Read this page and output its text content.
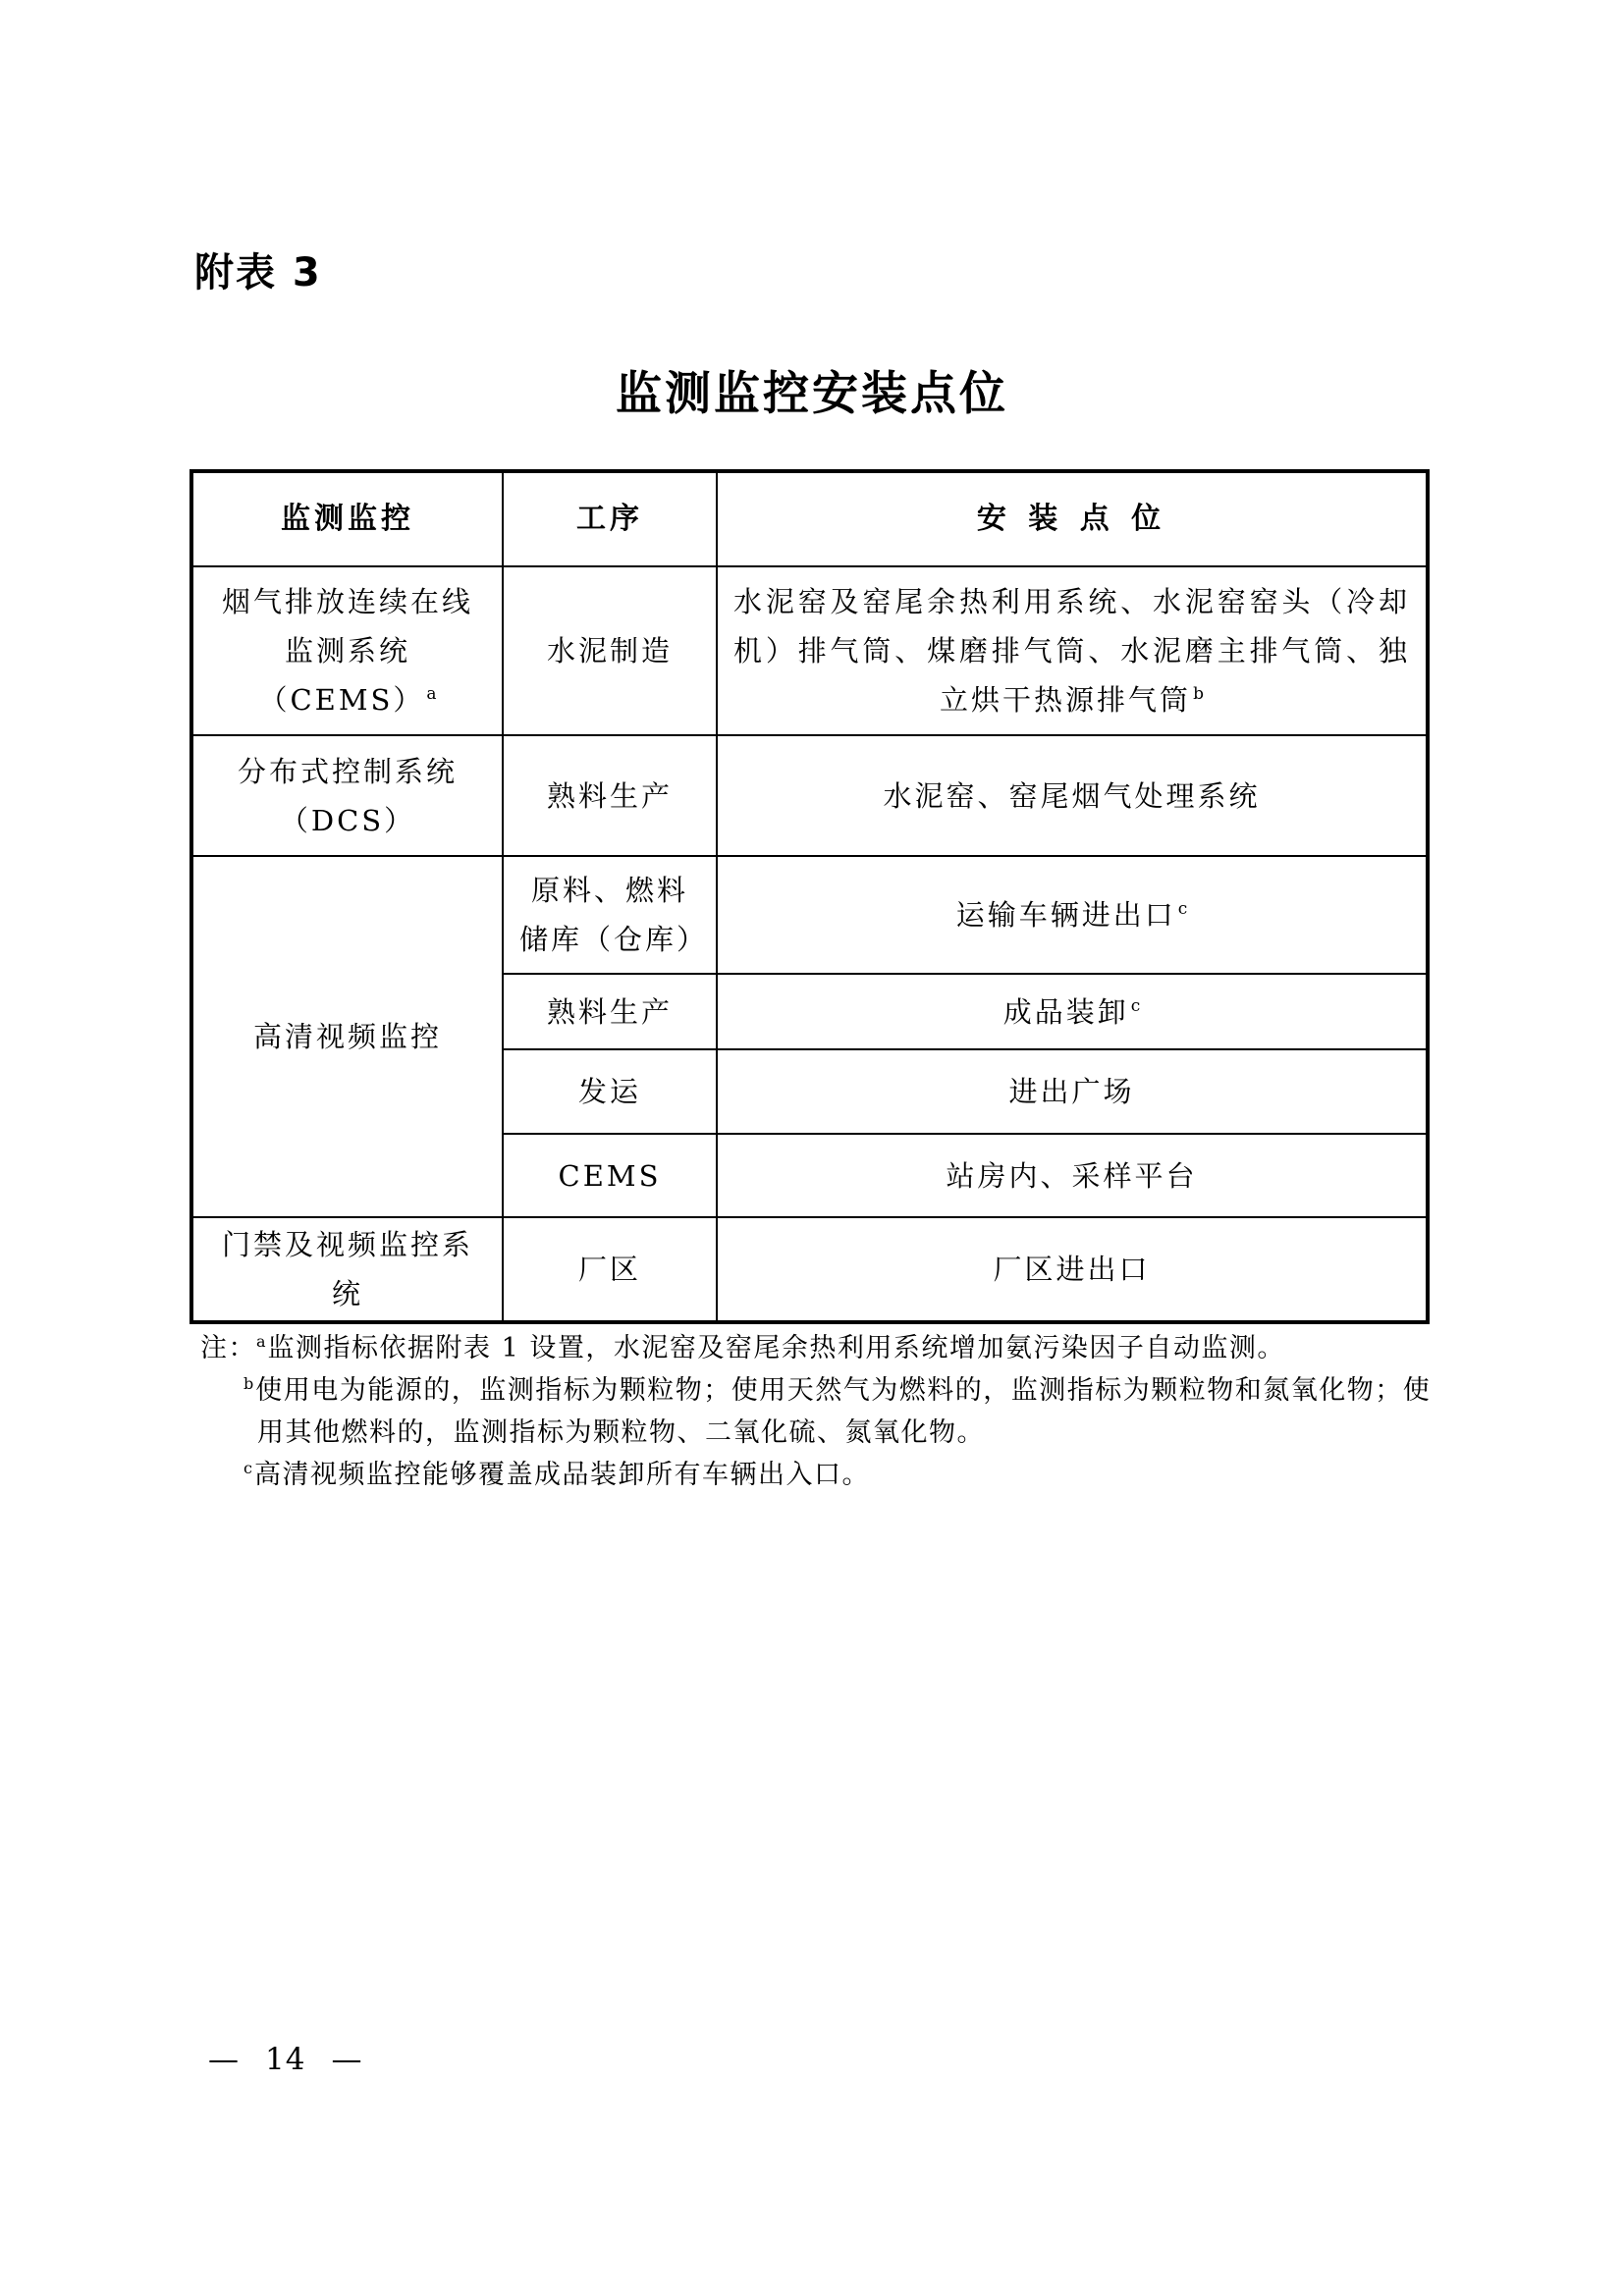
附表 3
监测监控安装点位
监测监控	工序	安 装 点 位
烟气排放连续在线监测系统（CEMS） $^a$	水泥制造	水泥窑及窑尾余热利用系统、水泥窑窑头（冷却机）排气筒、煤磨排气筒、水泥磨主排气筒、独立烘干热源排气筒 $^b$
分布式控制系统（DCS）	熟料生产	水泥窑、窑尾烟气处理系统
高清视频监控	原料、燃料储库（仓库）	运输车辆进出口 $^c$
	熟料生产	成品装卸 $^c$
	发运	进出广场
	CEMS	站房内、采样平台
门禁及视频监控系统	厂区	厂区进出口
注：$^a$监测指标依据附表 1 设置，水泥窑及窑尾余热利用系统增加氨污染因子自动监测。
$^b$使用电为能源的，监测指标为颗粒物；使用天然气为燃料的，监测指标为颗粒物和氮氧化物；使
用其他燃料的，监测指标为颗粒物、二氧化硫、氮氧化物。
$^c$高清视频监控能够覆盖成品装卸所有车辆出入口。
— 14 —
